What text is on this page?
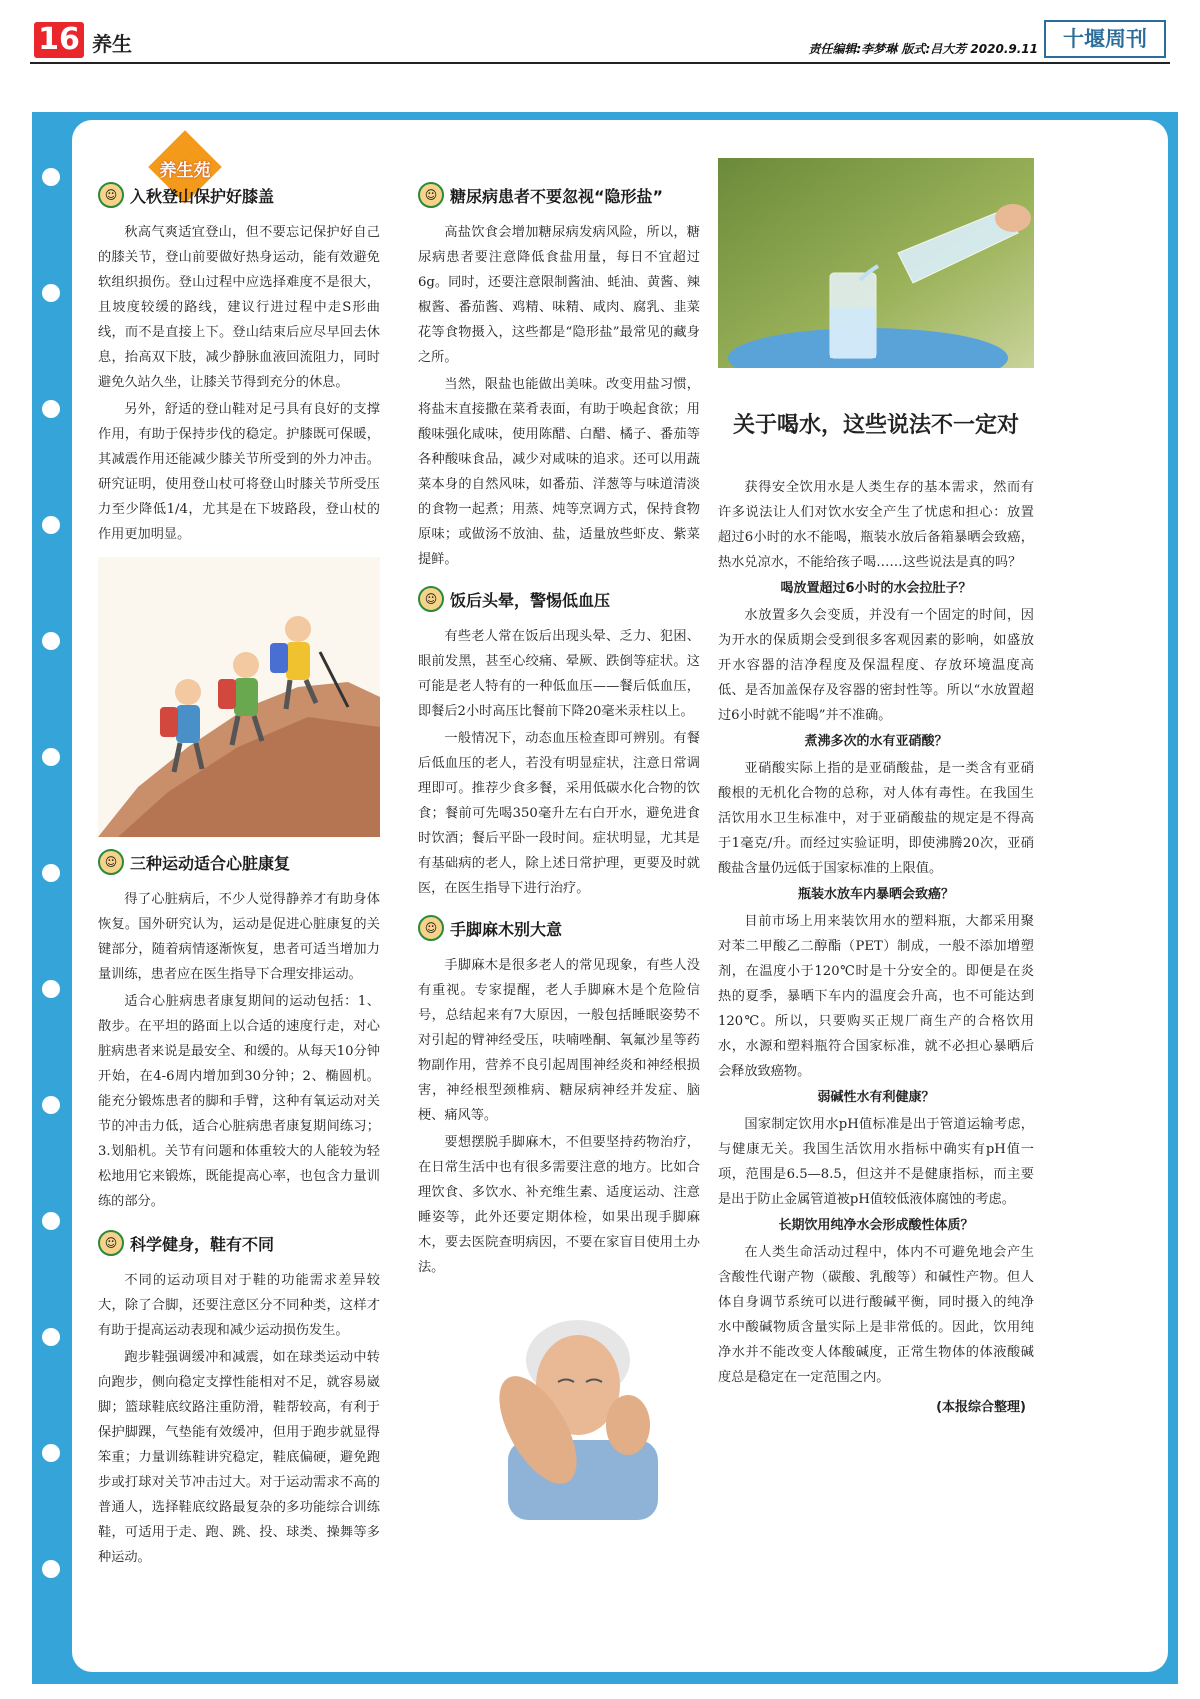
16 养生	责任编辑:李梦琳 版式:吕大芳 2020.9.11	十堰周刊
养生苑
☺ 入秋登山保护好膝盖

秋高气爽适宜登山，但不要忘记保护好自己的膝关节，登山前要做好热身运动，能有效避免软组织损伤。登山过程中应选择难度不是很大，且坡度较缓的路线，建议行进过程中走S形曲线，而不是直接上下。登山结束后应尽早回去休息，抬高双下肢，减少静脉血液回流阻力，同时避免久站久坐，让膝关节得到充分的休息。

另外，舒适的登山鞋对足弓具有良好的支撑作用，有助于保持步伐的稳定。护膝既可保暖，其减震作用还能减少膝关节所受到的外力冲击。研究证明，使用登山杖可将登山时膝关节所受压力至少降低1/4，尤其是在下坡路段，登山杖的作用更加明显。

☺ 三种运动适合心脏康复

得了心脏病后，不少人觉得静养才有助身体恢复。国外研究认为，运动是促进心脏康复的关键部分，随着病情逐渐恢复，患者可适当增加力量训练，患者应在医生指导下合理安排运动。

适合心脏病患者康复期间的运动包括：1、散步。在平坦的路面上以合适的速度行走，对心脏病患者来说是最安全、和缓的。从每天10分钟开始，在4-6周内增加到30分钟；2、椭圆机。能充分锻炼患者的脚和手臂，这种有氧运动对关节的冲击力低，适合心脏病患者康复期间练习；3.划船机。关节有问题和体重较大的人能较为轻松地用它来锻炼，既能提高心率，也包含力量训练的部分。

☺ 科学健身，鞋有不同

不同的运动项目对于鞋的功能需求差异较大，除了合脚，还要注意区分不同种类，这样才有助于提高运动表现和减少运动损伤发生。

跑步鞋强调缓冲和减震，如在球类运动中转向跑步，侧向稳定支撑性能相对不足，就容易崴脚；篮球鞋底纹路注重防滑，鞋帮较高，有利于保护脚踝，气垫能有效缓冲，但用于跑步就显得笨重；力量训练鞋讲究稳定，鞋底偏硬，避免跑步或打球对关节冲击过大。对于运动需求不高的普通人，选择鞋底纹路最复杂的多功能综合训练鞋，可适用于走、跑、跳、投、球类、操舞等多种运动。

☺ 糖尿病患者不要忽视“隐形盐”

高盐饮食会增加糖尿病发病风险，所以，糖尿病患者要注意降低食盐用量，每日不宜超过6g。同时，还要注意限制酱油、蚝油、黄酱、辣椒酱、番茄酱、鸡精、味精、咸肉、腐乳、韭菜花等食物摄入，这些都是“隐形盐”最常见的藏身之所。

当然，限盐也能做出美味。改变用盐习惯，将盐末直接撒在菜肴表面，有助于唤起食欲；用酸味强化咸味，使用陈醋、白醋、橘子、番茄等各种酸味食品，减少对咸味的追求。还可以用蔬菜本身的自然风味，如番茄、洋葱等与味道清淡的食物一起煮；用蒸、炖等烹调方式，保持食物原味；或做汤不放油、盐，适量放些虾皮、紫菜提鲜。

☺ 饭后头晕，警惕低血压

有些老人常在饭后出现头晕、乏力、犯困、眼前发黑，甚至心绞痛、晕厥、跌倒等症状。这可能是老人特有的一种低血压——餐后低血压，即餐后2小时高压比餐前下降20毫米汞柱以上。

一般情况下，动态血压检查即可辨别。有餐后低血压的老人，若没有明显症状，注意日常调理即可。推荐少食多餐，采用低碳水化合物的饮食；餐前可先喝350毫升左右白开水，避免进食时饮酒；餐后平卧一段时间。症状明显，尤其是有基础病的老人，除上述日常护理，更要及时就医，在医生指导下进行治疗。

☺ 手脚麻木别大意

手脚麻木是很多老人的常见现象，有些人没有重视。专家提醒，老人手脚麻木是个危险信号，总结起来有7大原因，一般包括睡眠姿势不对引起的臂神经受压，呋喃唑酮、氧氟沙星等药物副作用，营养不良引起周围神经炎和神经根损害，神经根型颈椎病、糖尿病神经并发症、脑梗、痛风等。

要想摆脱手脚麻木，不但要坚持药物治疗，在日常生活中也有很多需要注意的地方。比如合理饮食、多饮水、补充维生素、适度运动、注意睡姿等，此外还要定期体检，如果出现手脚麻木，要去医院查明病因，不要在家盲目使用土办法。

关于喝水，这些说法不一定对

获得安全饮用水是人类生存的基本需求，然而有许多说法让人们对饮水安全产生了忧虑和担心：放置超过6小时的水不能喝，瓶装水放后备箱暴晒会致癌，热水兑凉水，不能给孩子喝……这些说法是真的吗？

喝放置超过6小时的水会拉肚子？

水放置多久会变质，并没有一个固定的时间，因为开水的保质期会受到很多客观因素的影响，如盛放开水容器的洁净程度及保温程度、存放环境温度高低、是否加盖保存及容器的密封性等。所以“水放置超过6小时就不能喝”并不准确。

煮沸多次的水有亚硝酸？

亚硝酸实际上指的是亚硝酸盐，是一类含有亚硝酸根的无机化合物的总称，对人体有毒性。在我国生活饮用水卫生标准中，对于亚硝酸盐的规定是不得高于1毫克/升。而经过实验证明，即使沸腾20次，亚硝酸盐含量仍远低于国家标准的上限值。

瓶装水放车内暴晒会致癌？

目前市场上用来装饮用水的塑料瓶，大都采用聚对苯二甲酸乙二醇酯（PET）制成，一般不添加增塑剂，在温度小于120℃时是十分安全的。即便是在炎热的夏季，暴晒下车内的温度会升高，也不可能达到120℃。所以，只要购买正规厂商生产的合格饮用水，水源和塑料瓶符合国家标准，就不必担心暴晒后会释放致癌物。

弱碱性水有利健康？

国家制定饮用水pH值标准是出于管道运输考虑，与健康无关。我国生活饮用水指标中确实有pH值一项，范围是6.5—8.5，但这并不是健康指标，而主要是出于防止金属管道被pH值较低液体腐蚀的考虑。

长期饮用纯净水会形成酸性体质？

在人类生命活动过程中，体内不可避免地会产生含酸性代谢产物（碳酸、乳酸等）和碱性产物。但人体自身调节系统可以进行酸碱平衡，同时摄入的纯净水中酸碱物质含量实际上是非常低的。因此，饮用纯净水并不能改变人体酸碱度，正常生物体的体液酸碱度总是稳定在一定范围之内。

(本报综合整理)
